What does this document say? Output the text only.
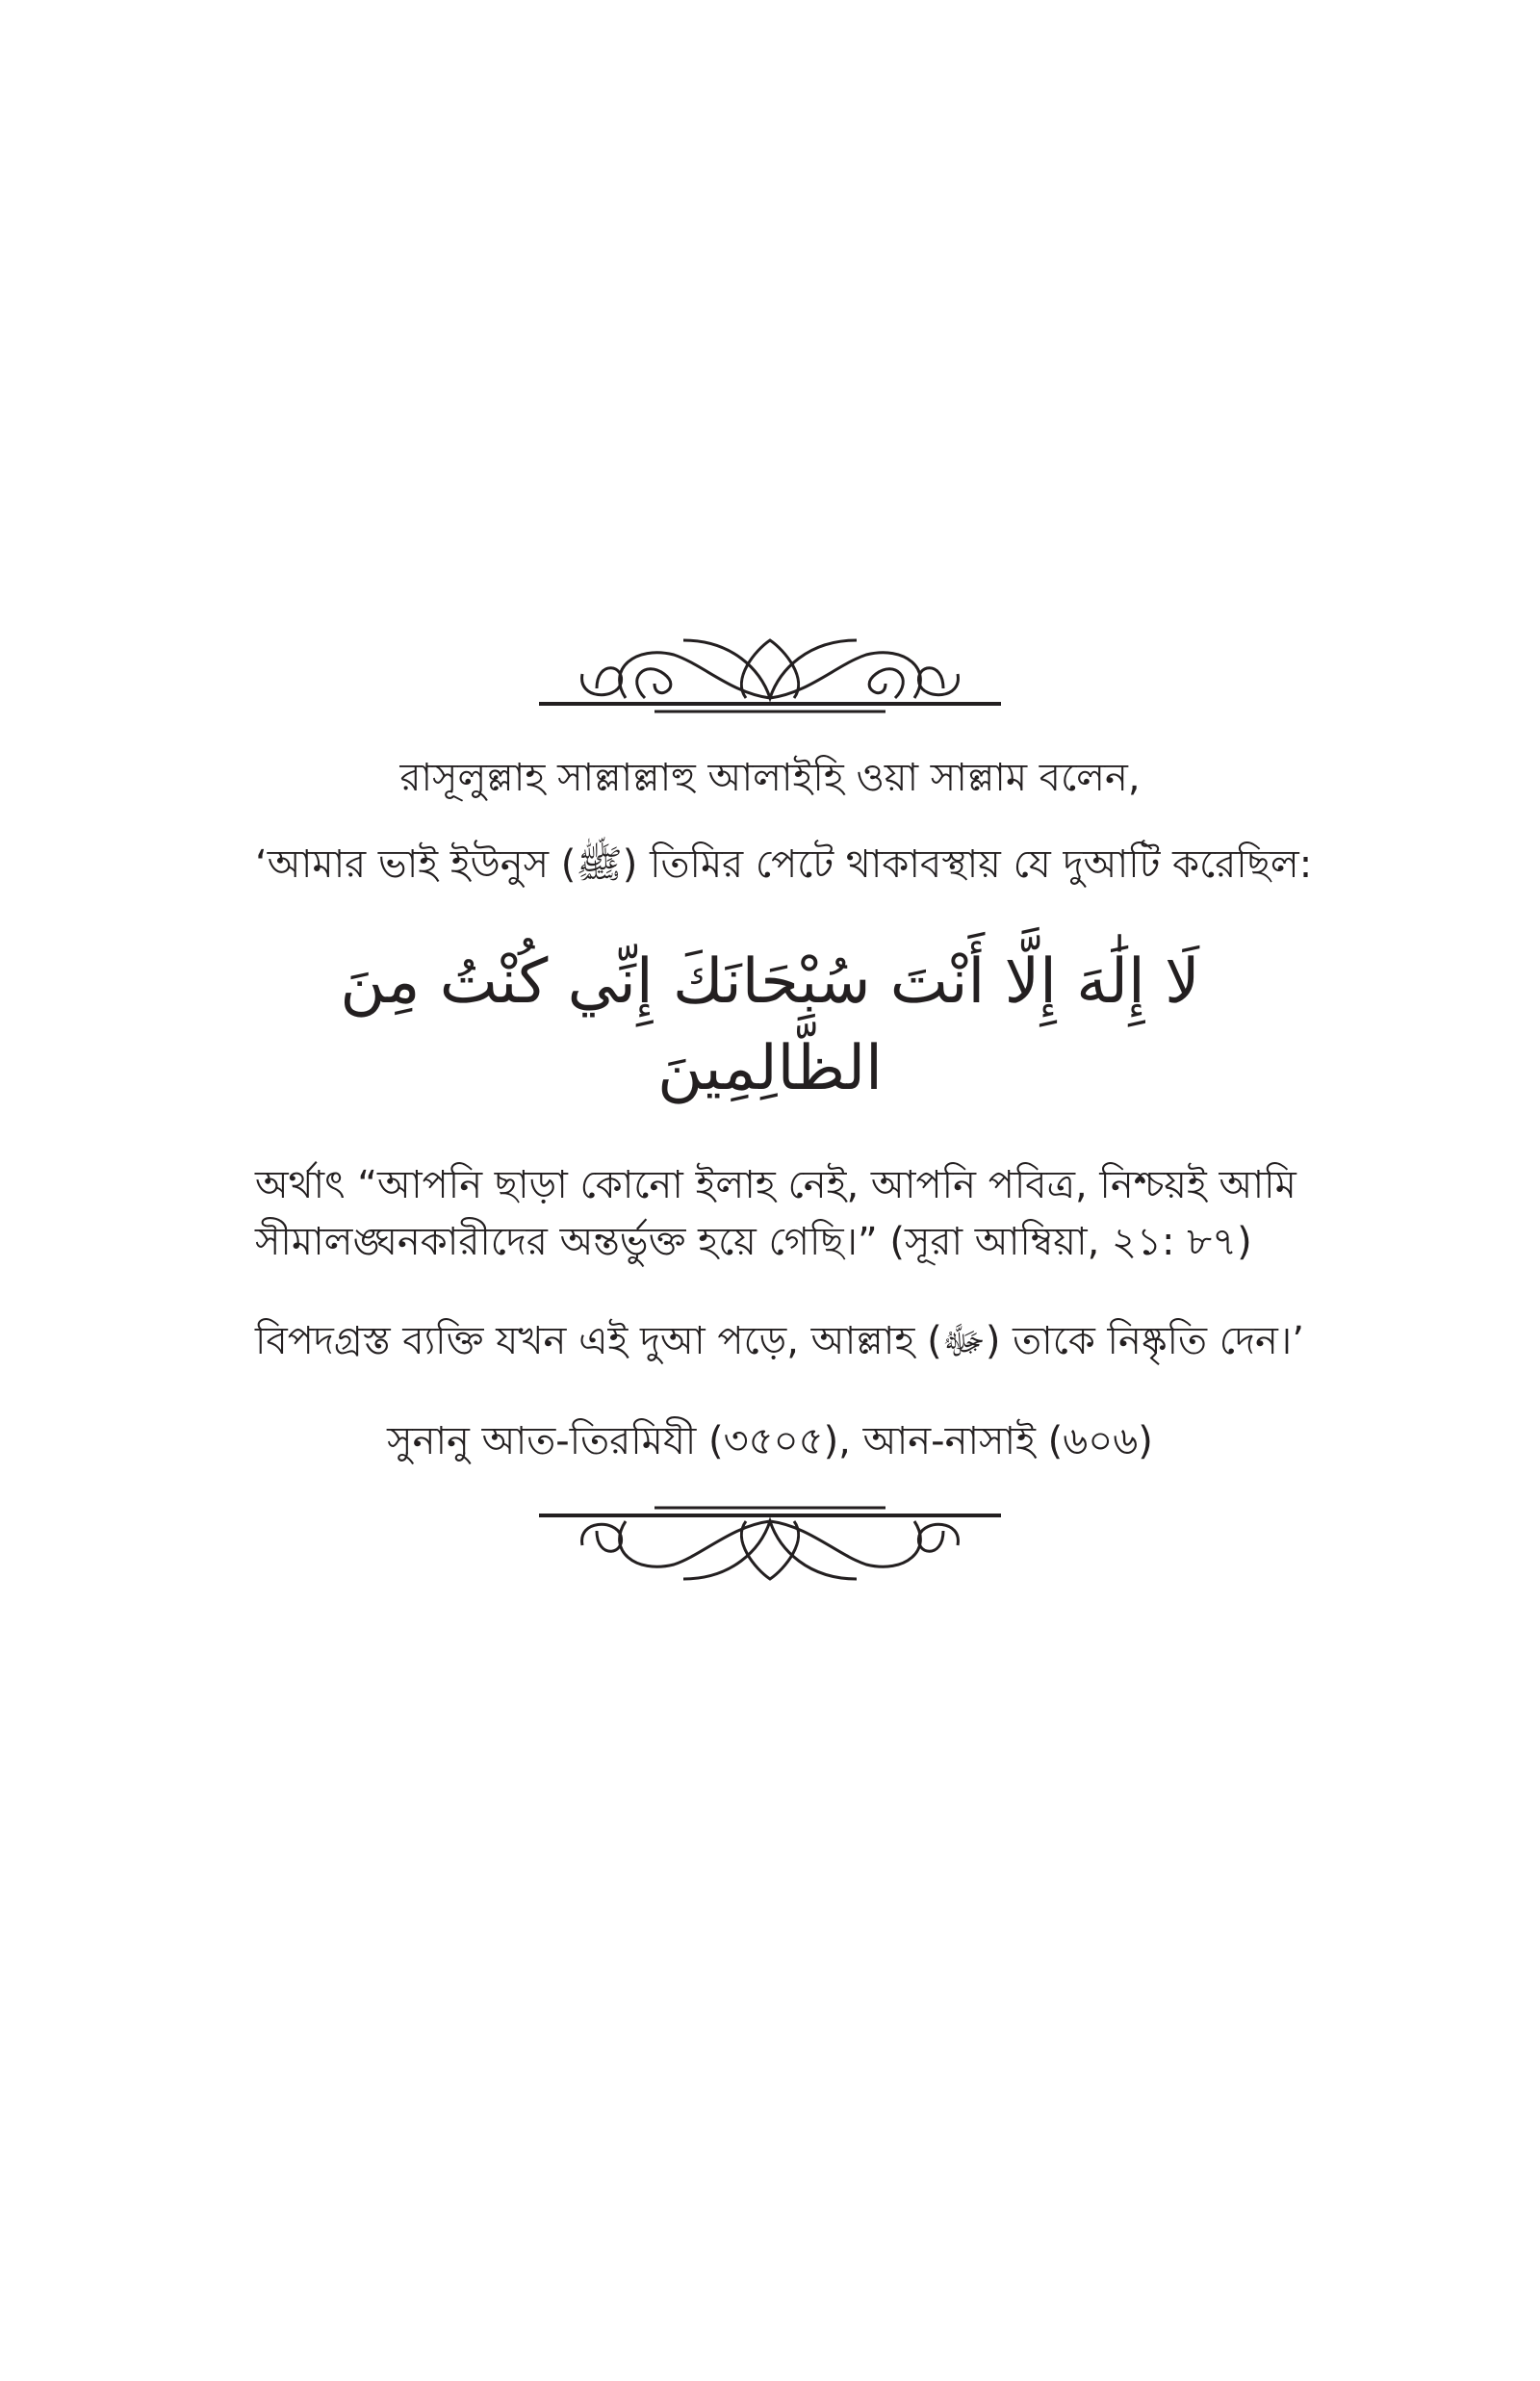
রাসূলুল্লাহ সাল্লাল্লাহু আলাইহি ওয়া সাল্লাম বলেন,
‘আমার ভাই ইউনুস (ﷺ) তিমির পেটে থাকাবস্থায় যে দুআটি করেছিল:
لَا إِلَٰهَ إِلَّا أَنْتَ سُبْحَانَكَ إِنِّي كُنْتُ مِنَ
الظَّالِمِينَ
অর্থাৎ “আপনি ছাড়া কোনো ইলাহ নেই, আপনি পবিত্র, নিশ্চয়ই আমি
সীমালঙ্ঘনকারীদের অন্তর্ভুক্ত হয়ে গেছি।” (সূরা আম্বিয়া, ২১: ৮৭)
বিপদগ্রস্ত ব্যক্তি যখন এই দুআ পড়ে, আল্লাহ (ﷻ) তাকে নিষ্কৃতি দেন।’
সুনানু আত-তিরমিযী (৩৫০৫), আন-নাসাই (৬০৬)
